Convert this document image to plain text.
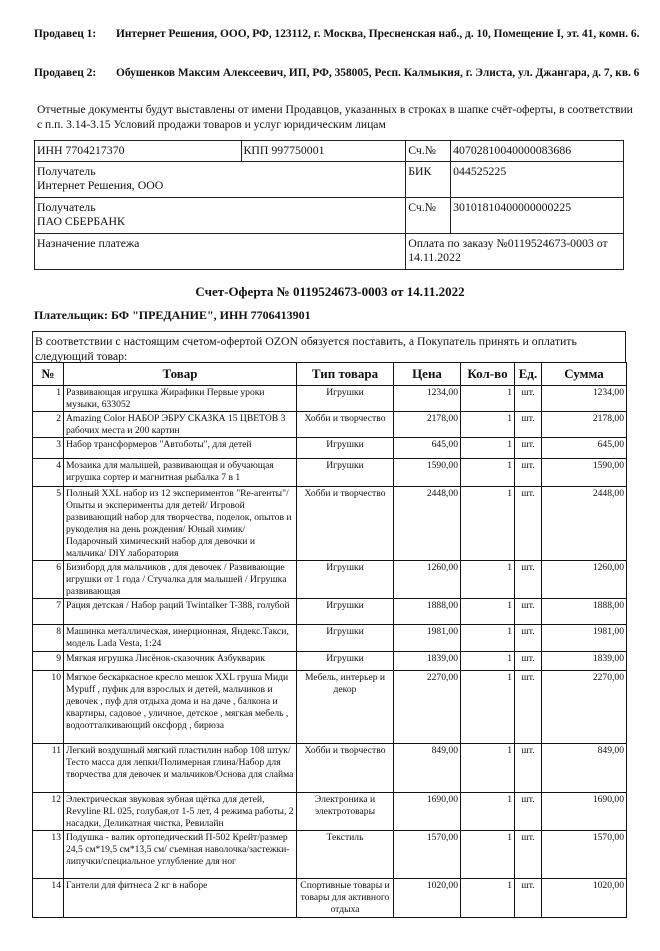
Продавец 1:	Интернет Решения, ООО, РФ, 123112, г. Москва, Пресненская наб., д. 10, Помещение I, эт. 41, комн. 6.
Продавец 2:	Обушенков Максим Алексеевич, ИП, РФ, 358005, Респ. Калмыкия, г. Элиста, ул. Джангара, д. 7, кв. 6
Отчетные документы будут выставлены от имени Продавцов, указанных в строках в шапке счёт-оферты, в соответствии с п.п. 3.14-3.15 Условий продажи товаров и услуг юридическим лицам
ИНН 7704217370	КПП 997750001	Сч.№	40702810040000083686

Получатель
Интернет Решения, ООО		БИК	044525225

Получатель
ПАО СБЕРБАНК		Сч.№	30101810400000000225
Назначение платежа		Оплата по заказу №0119524673-0003 от 14.11.2022	
Счет-Оферта № 0119524673-0003 от 14.11.2022
Плательщик: БФ "ПРЕДАНИЕ", ИНН 7706413901
В соответствии с настоящим счетом-офертой OZON обязуется поставить, а Покупатель принять и оплатить следующий товар:
№	Товар	Тип товара	Цена	Кол-во	Ед.	Сумма
1	Развивающая игрушка Жирафики Первые уроки музыки, 633052	Игрушки	1234,00	1	шт.	1234,00
2	Amazing Color НАБОР ЭБРУ СКАЗКА 15 ЦВЕТОВ 3 рабочих места и 200 картин	Хобби и творчество	2178,00	1	шт.	2178,00
3	Набор трансформеров "Автоботы", для детей	Игрушки	645,00	1	шт.	645,00
4	Мозаика для малышей, развивающая и обучающая игрушка сортер и магнитная рыбалка 7 в 1	Игрушки	1590,00	1	шт.	1590,00
5	Полный XXL набор из 12 экспериментов "Re-агенты"/ Опыты и эксперименты для детей/ Игровой развивающий набор для творчества, поделок, опытов и рукоделия на день рождения/ Юный химик/ Подарочный химический набор для девочки и мальчика/ DIY лаборатория	Хобби и творчество	2448,00	1	шт.	2448,00
6	Бизиборд для мальчиков , для девочек / Развивающие игрушки от 1 года / Стучалка для малышей / Игрушка развивающая	Игрушки	1260,00	1	шт.	1260,00
7	Рация детская / Набор раций Twintalker T-388, голубой	Игрушки	1888,00	1	шт.	1888,00
8	Машинка металлическая, инерционная, Яндекс.Такси, модель Lada Vesta, 1:24	Игрушки	1981,00	1	шт.	1981,00
9	Мягкая игрушка Лисёнок-сказочник Азбукварик	Игрушки	1839,00	1	шт.	1839,00
10	Мягкое бескаркасное кресло мешок XXL груша Миди Mypuff , пуфик для взрослых и детей, мальчиков и девочек , пуф для отдыха дома и на даче , балкона и квартиры, садовое , уличное, детское , мягкая мебель , водоотталкивающий оксфорд , бирюза	Мебель, интерьер и декор	2270,00	1	шт.	2270,00
11	Легкий воздушный мягкий пластилин набор 108 штук/Тесто масса для лепки/Полимерная глина/Набор для творчества для девочек и мальчиков/Основа для слайма	Хобби и творчество	849,00	1	шт.	849,00
12	Электрическая звуковая зубная щётка для детей, Revyline RL 025, голубая,от 1-5 лет, 4 режима работы, 2 насадки, Деликатная чистка, Ревилайн	Электроника и электротовары	1690,00	1	шт.	1690,00
13	Подушка - валик ортопедический П-502 Крейт/размер 24,5 см*19,5 см*13,5 см/ съемная наволочка/застежки-липучки/специальное углубление для ног	Текстиль	1570,00	1	шт.	1570,00
14	Гантели для фитнеса 2 кг в наборе	Спортивные товары и товары для активного отдыха	1020,00	1	шт.	1020,00
